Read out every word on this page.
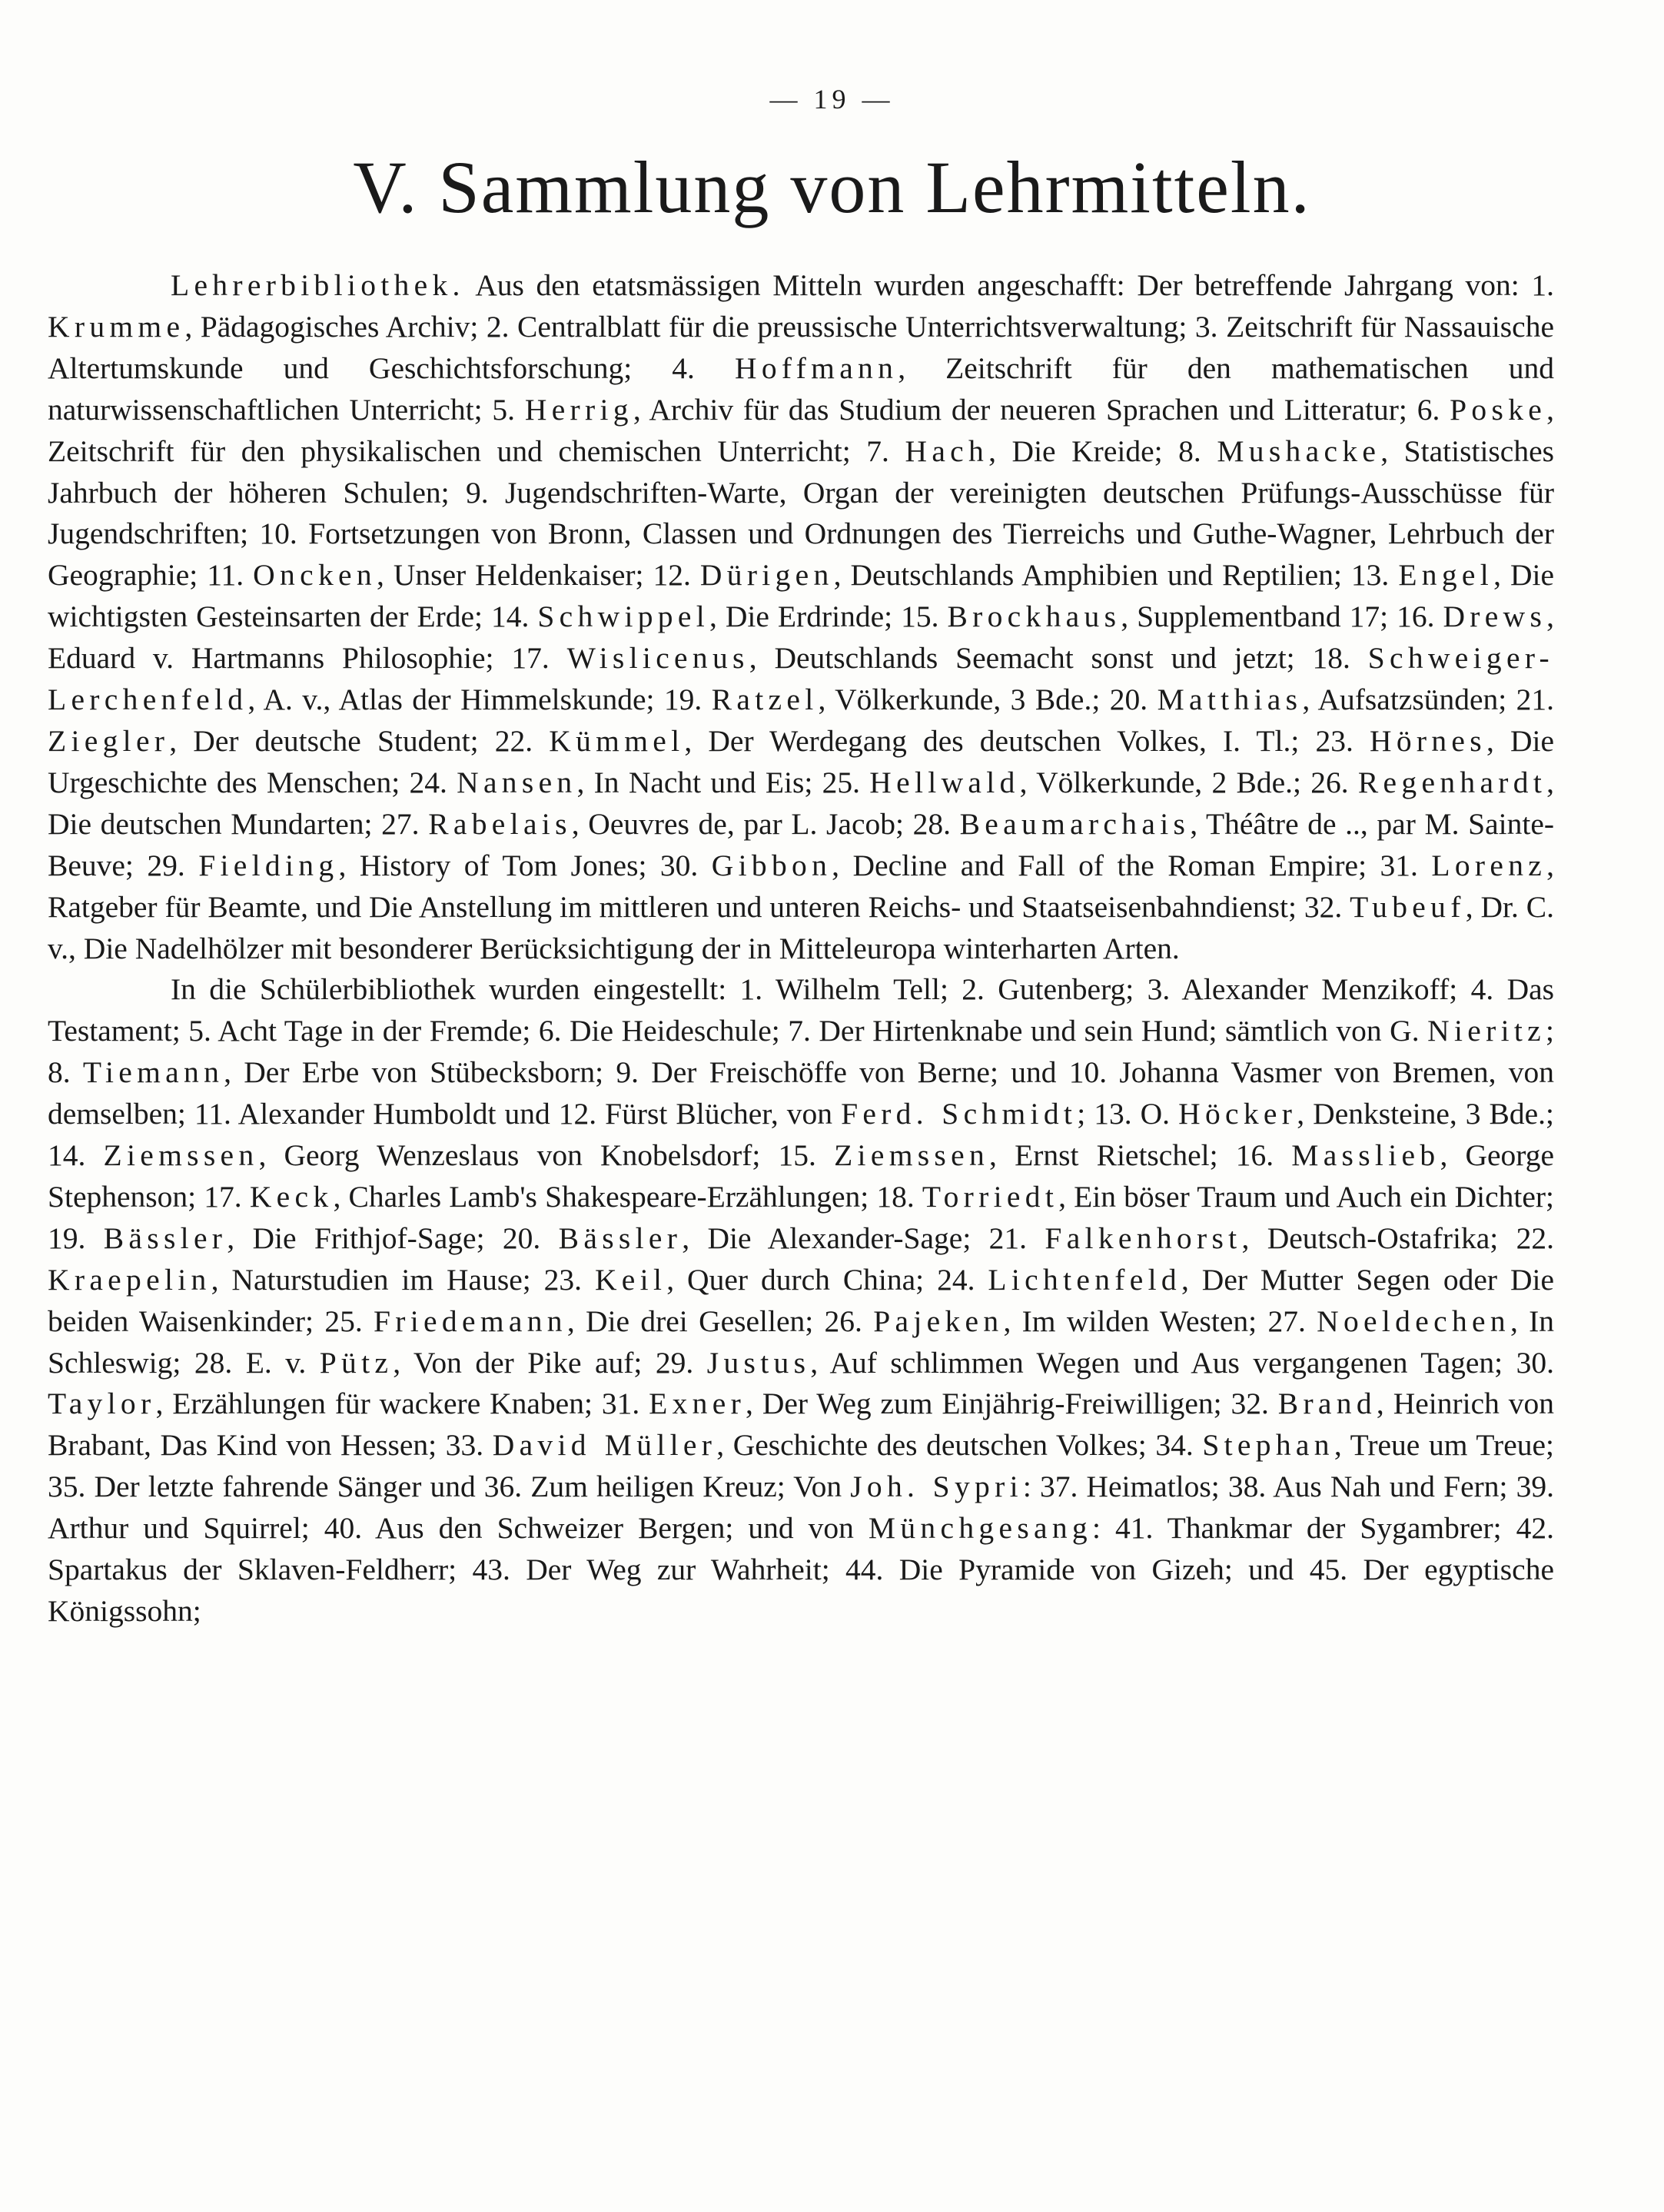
— 19 —
V. Sammlung von Lehrmitteln.

Lehrerbibliothek. Aus den etatsmässigen Mitteln wurden angeschafft: Der betreffende Jahrgang von: 1. Krumme, Pädagogisches Archiv; 2. Centralblatt für die preussische Unterrichtsverwaltung; 3. Zeitschrift für Nassauische Altertumskunde und Geschichtsforschung; 4. Hoffmann, Zeitschrift für den mathematischen und naturwissenschaftlichen Unterricht; 5. Herrig, Archiv für das Studium der neueren Sprachen und Litteratur; 6. Poske, Zeitschrift für den physikalischen und chemischen Unterricht; 7. Hach, Die Kreide; 8. Mushacke, Statistisches Jahrbuch der höheren Schulen; 9. Jugendschriften-Warte, Organ der vereinigten deutschen Prüfungs-Ausschüsse für Jugendschriften; 10. Fortsetzungen von Bronn, Classen und Ordnungen des Tierreichs und Guthe-Wagner, Lehrbuch der Geographie; 11. Oncken, Unser Heldenkaiser; 12. Dürigen, Deutschlands Amphibien und Reptilien; 13. Engel, Die wichtigsten Gesteinsarten der Erde; 14. Schwippel, Die Erdrinde; 15. Brockhaus, Supplementband 17; 16. Drews, Eduard v. Hartmanns Philosophie; 17. Wislicenus, Deutschlands Seemacht sonst und jetzt; 18. Schweiger-Lerchenfeld, A. v., Atlas der Himmelskunde; 19. Ratzel, Völkerkunde, 3 Bde.; 20. Matthias, Aufsatzsünden; 21. Ziegler, Der deutsche Student; 22. Kümmel, Der Werdegang des deutschen Volkes, I. Tl.; 23. Hörnes, Die Urgeschichte des Menschen; 24. Nansen, In Nacht und Eis; 25. Hellwald, Völkerkunde, 2 Bde.; 26. Regenhardt, Die deutschen Mundarten; 27. Rabelais, Oeuvres de, par L. Jacob; 28. Beaumarchais, Théâtre de .., par M. Sainte-Beuve; 29. Fielding, History of Tom Jones; 30. Gibbon, Decline and Fall of the Roman Empire; 31. Lorenz, Ratgeber für Beamte, und Die Anstellung im mittleren und unteren Reichs- und Staatseisenbahndienst; 32. Tubeuf, Dr. C. v., Die Nadelhölzer mit besonderer Berücksichtigung der in Mitteleuropa winterharten Arten.

In die Schülerbibliothek wurden eingestellt: 1. Wilhelm Tell; 2. Gutenberg; 3. Alexander Menzikoff; 4. Das Testament; 5. Acht Tage in der Fremde; 6. Die Heideschule; 7. Der Hirtenknabe und sein Hund; sämtlich von G. Nieritz; 8. Tiemann, Der Erbe von Stübecksborn; 9. Der Freischöffe von Berne; und 10. Johanna Vasmer von Bremen, von demselben; 11. Alexander Humboldt und 12. Fürst Blücher, von Ferd. Schmidt; 13. O. Höcker, Denksteine, 3 Bde.; 14. Ziemssen, Georg Wenzeslaus von Knobelsdorf; 15. Ziemssen, Ernst Rietschel; 16. Masslieb, George Stephenson; 17. Keck, Charles Lamb's Shakespeare-Erzählungen; 18. Torriedt, Ein böser Traum und Auch ein Dichter; 19. Bässler, Die Frithjof-Sage; 20. Bässler, Die Alexander-Sage; 21. Falkenhorst, Deutsch-Ostafrika; 22. Kraepelin, Naturstudien im Hause; 23. Keil, Quer durch China; 24. Lichtenfeld, Der Mutter Segen oder Die beiden Waisenkinder; 25. Friedemann, Die drei Gesellen; 26. Pajeken, Im wilden Westen; 27. Noeldechen, In Schleswig; 28. E. v. Pütz, Von der Pike auf; 29. Justus, Auf schlimmen Wegen und Aus vergangenen Tagen; 30. Taylor, Erzählungen für wackere Knaben; 31. Exner, Der Weg zum Einjährig-Freiwilligen; 32. Brand, Heinrich von Brabant, Das Kind von Hessen; 33. David Müller, Geschichte des deutschen Volkes; 34. Stephan, Treue um Treue; 35. Der letzte fahrende Sänger und 36. Zum heiligen Kreuz; Von Joh. Sypri: 37. Heimatlos; 38. Aus Nah und Fern; 39. Arthur und Squirrel; 40. Aus den Schweizer Bergen; und von Münchgesang: 41. Thankmar der Sygambrer; 42. Spartakus der Sklaven-Feldherr; 43. Der Weg zur Wahrheit; 44. Die Pyramide von Gizeh; und 45. Der egyptische Königssohn;
